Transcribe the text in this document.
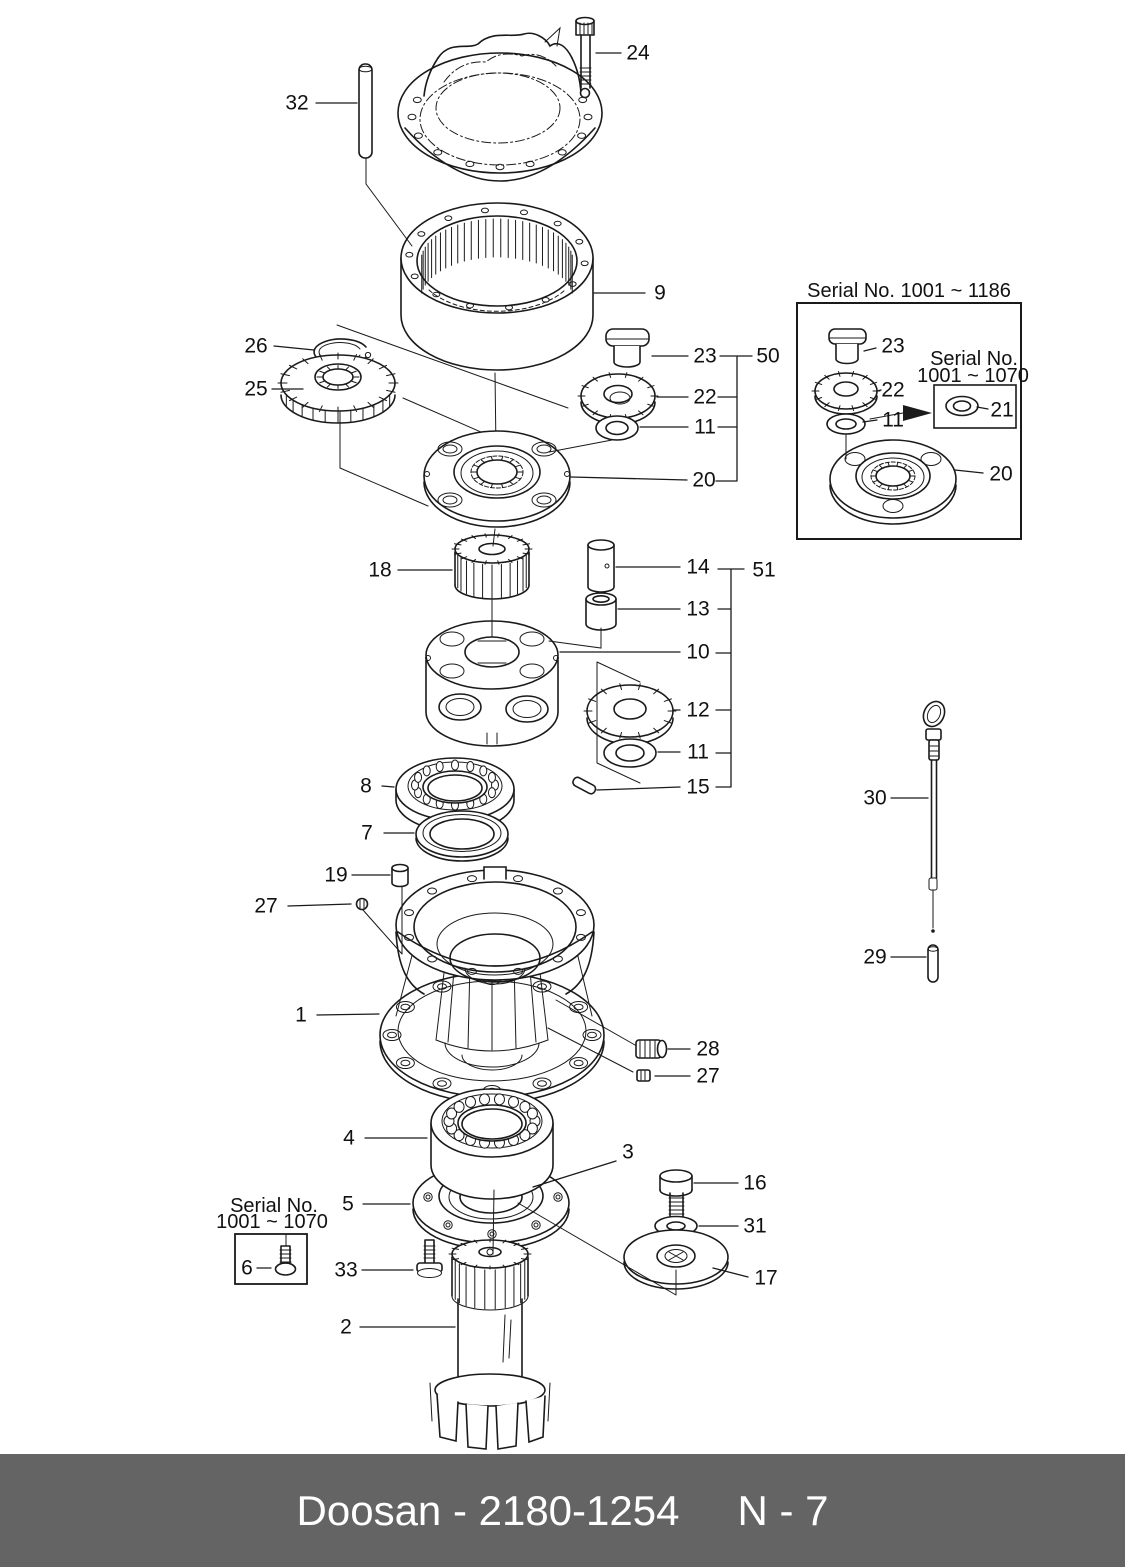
24
32
9
26
25
23 50
22
11
20
18	14 51
13
10
12
11
15
8
7
19
27
1
28
27
4
3
16
5
31
33	17
2
30
29
23
22
11	21
20
6
Serial No. 1001 ~ 1186
Serial No.
1001 ~ 1070
Serial No.
1001 ~ 1070
Doosan - 2180-1254 N - 7
